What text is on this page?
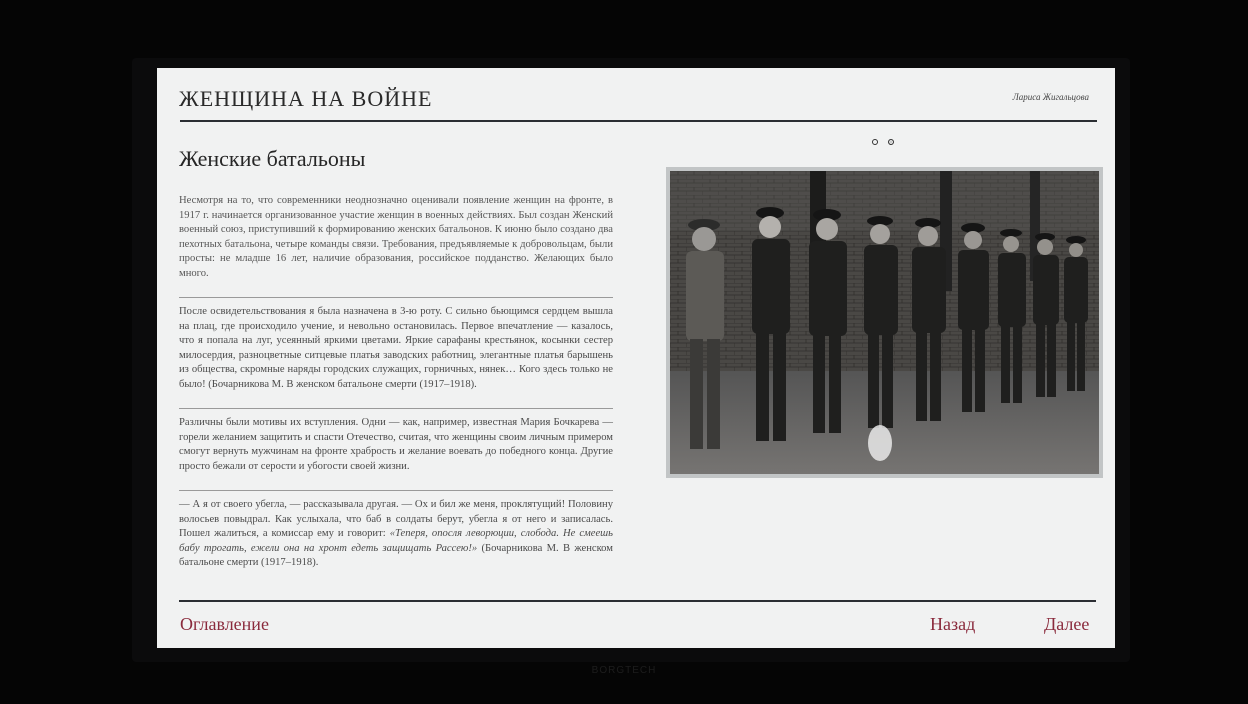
BORGTECH
ЖЕНЩИНА НА ВОЙНЕ	Лариса Жигальцова
Женские батальоны

Несмотря на то, что современники неоднозначно оценивали появление женщин на фронте, в 1917 г. начинается организованное участие женщин в военных действиях. Был создан Женский военный союз, приступивший к формированию женских батальонов. К июню было создано два пехотных батальона, четыре команды связи. Требования, предъявляемые к добровольцам, были просты: не младше 16 лет, наличие образования, российское подданство. Желающих было много.

После освидетельствования я была назначена в 3-ю роту. С сильно бьющимся сердцем вышла на плац, где происходило учение, и невольно остановилась. Первое впечатление — казалось, что я попала на луг, усеянный яркими цветами. Яркие сарафаны крестьянок, косынки сестер милосердия, разноцветные ситцевые платья заводских работниц, элегантные платья барышень из общества, скромные наряды городских служащих, горничных, нянек… Кого здесь только не было! (Бочарникова М. В женском батальоне смерти (1917–1918).

Различны были мотивы их вступления. Одни — как, например, известная Мария Бочкарева — горели желанием защитить и спасти Отечество, считая, что женщины своим личным примером смогут вернуть мужчинам на фронте храбрость и желание воевать до победного конца. Другие просто бежали от серости и убогости своей жизни.

— А я от своего убегла, — рассказывала другая. — Ох и бил же меня, проклятущий! Половину волосьев повыдрал. Как услыхала, что баб в солдаты берут, убегла я от него и записалась. Пошел жалиться, а комиссар ему и говорит: «Теперя, опосля леворюции, слобода. Не смеешь бабу трогать, ежели она на хронт едеть защищать Рассею!» (Бочарникова М. В женском батальоне смерти (1917–1918).

Оглавление	Назад	Далее
